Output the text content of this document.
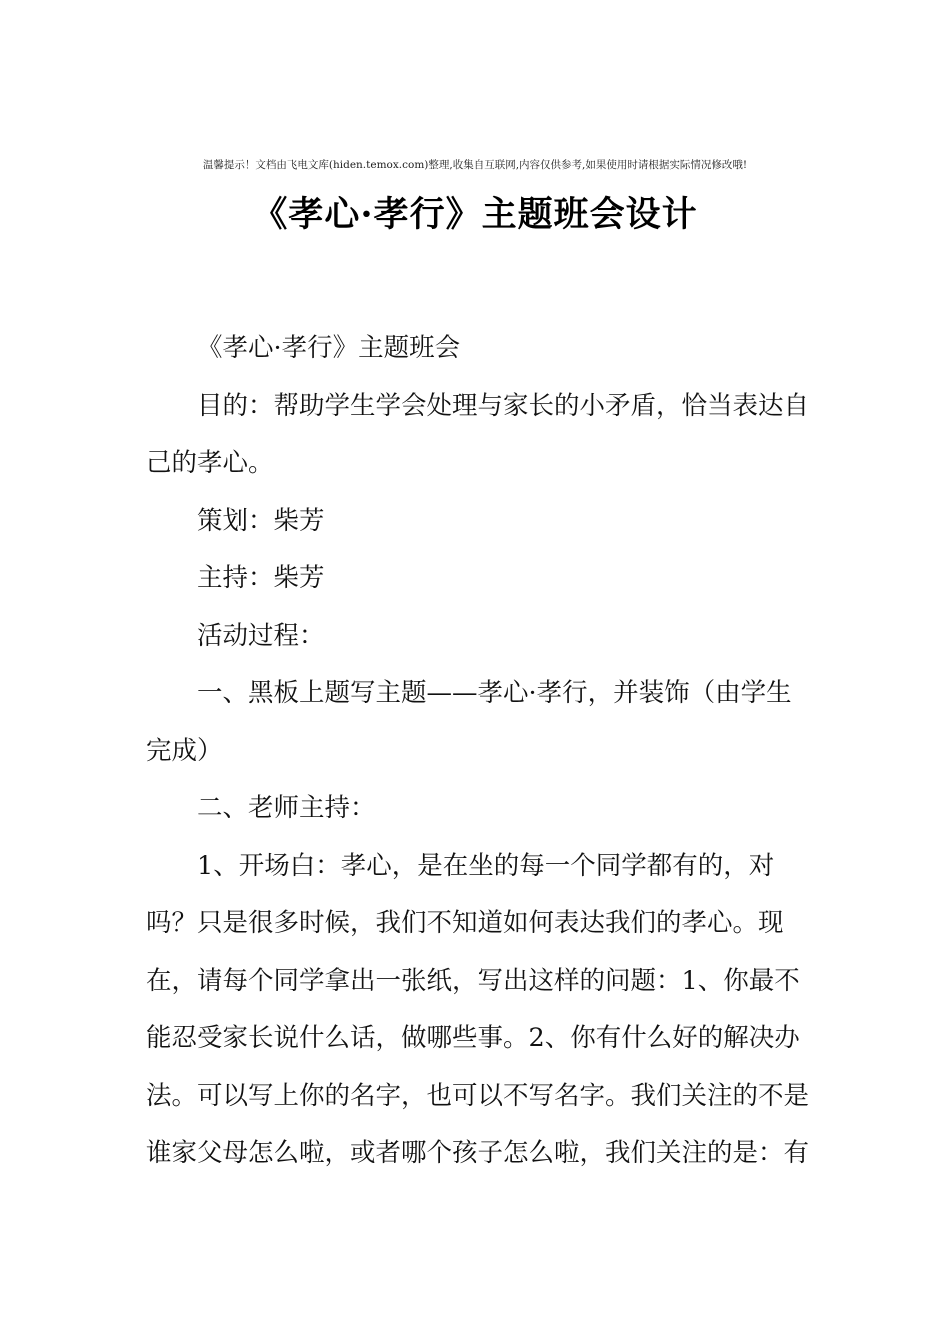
温馨提示！文档由飞电文库(hiden.temox.com)整理,收集自互联网,内容仅供参考,如果使用时请根据实际情况修改哦!
《孝心·孝行》主题班会设计

《孝心·孝行》主题班会

目的：帮助学生学会处理与家长的小矛盾，恰当表达自己的孝心。

策划：柴芳

主持：柴芳

活动过程：

一、黑板上题写主题——孝心·孝行，并装饰（由学生完成）

二、老师主持：

1、开场白：孝心，是在坐的每一个同学都有的，对吗？只是很多时候，我们不知道如何表达我们的孝心。现在，请每个同学拿出一张纸，写出这样的问题：1、你最不能忍受家长说什么话，做哪些事。2、你有什么好的解决办法。可以写上你的名字，也可以不写名字。我们关注的不是谁家父母怎么啦，或者哪个孩子怎么啦，我们关注的是：有
